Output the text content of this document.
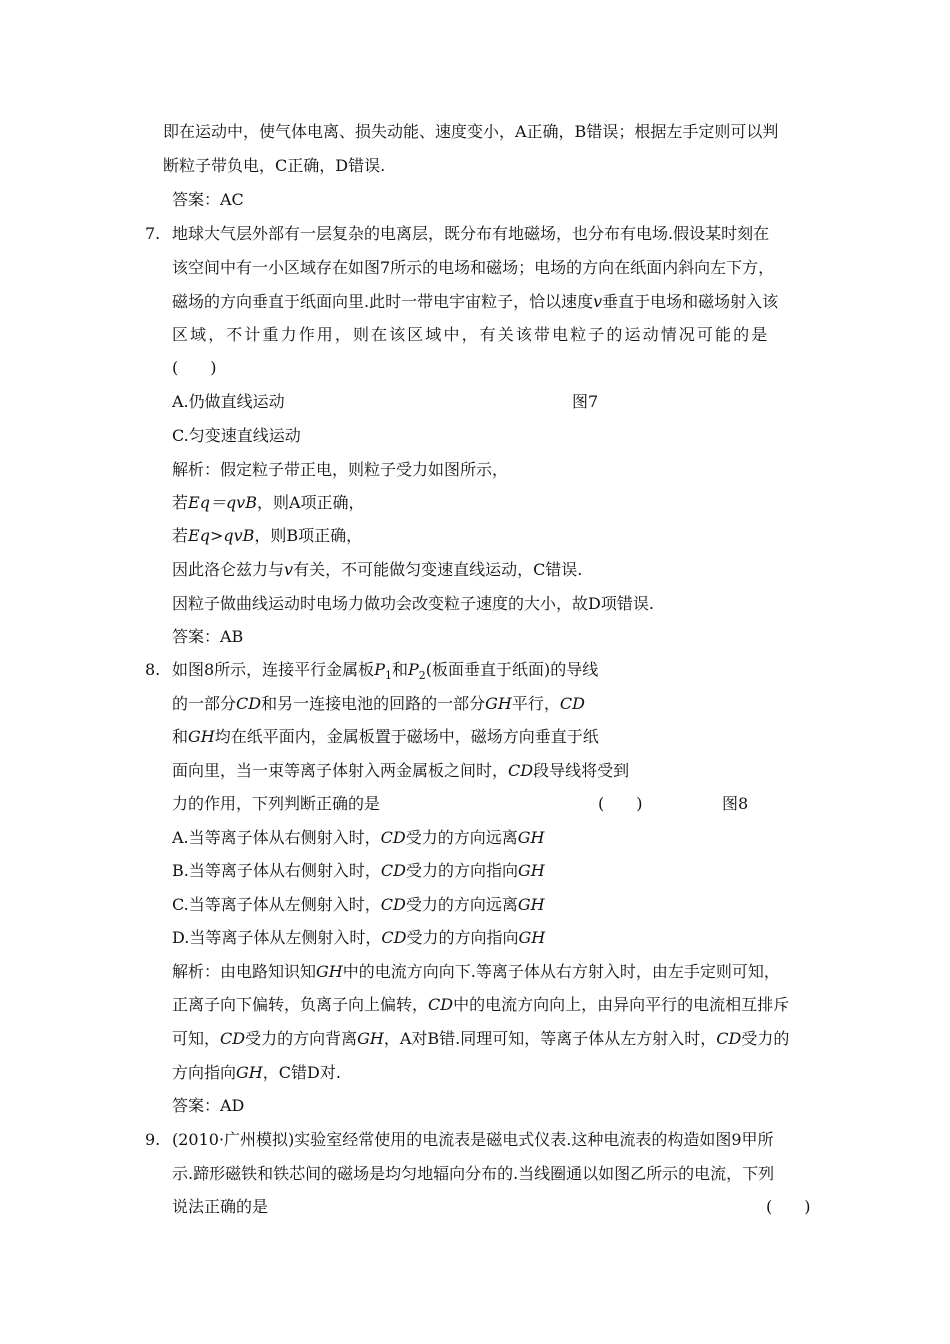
即在运动中，使气体电离、损失动能、速度变小，A正确，B错误；根据左手定则可以判
断粒子带负电，C正确，D错误.
答案：AC
7. 地球大气层外部有一层复杂的电离层，既分布有地磁场，也分布有电场.假设某时刻在
该空间中有一小区域存在如图7所示的电场和磁场；电场的方向在纸面内斜向左下方，
磁场的方向垂直于纸面向里.此时一带电宇宙粒子，恰以速度v垂直于电场和磁场射入该
区域，不计重力作用，则在该区域中，有关该带电粒子的运动情况可能的是
(　　)
A.仍做直线运动	图7
C.匀变速直线运动
解析：假定粒子带正电，则粒子受力如图所示，
若Eq＝qvB，则A项正确，
若Eq>qvB，则B项正确，
因此洛仑兹力与v有关，不可能做匀变速直线运动，C错误.
因粒子做曲线运动时电场力做功会改变粒子速度的大小，故D项错误.
答案：AB
8. 如图8所示，连接平行金属板$P_1$和$P_2$(板面垂直于纸面)的导线
的一部分CD和另一连接电池的回路的一部分GH平行，CD
和GH均在纸平面内，金属板置于磁场中，磁场方向垂直于纸
面向里，当一束等离子体射入两金属板之间时，CD段导线将受到
力的作用，下列判断正确的是	(　　)	图8
A.当等离子体从右侧射入时，CD受力的方向远离GH
B.当等离子体从右侧射入时，CD受力的方向指向GH
C.当等离子体从左侧射入时，CD受力的方向远离GH
D.当等离子体从左侧射入时，CD受力的方向指向GH
解析：由电路知识知GH中的电流方向向下.等离子体从右方射入时，由左手定则可知，
正离子向下偏转，负离子向上偏转，CD中的电流方向向上，由异向平行的电流相互排斥
可知，CD受力的方向背离GH，A对B错.同理可知，等离子体从左方射入时，CD受力的
方向指向GH，C错D对.
答案：AD
9. (2010·广州模拟)实验室经常使用的电流表是磁电式仪表.这种电流表的构造如图9甲所
示.蹄形磁铁和铁芯间的磁场是均匀地辐向分布的.当线圈通以如图乙所示的电流，下列
说法正确的是	(　　)
